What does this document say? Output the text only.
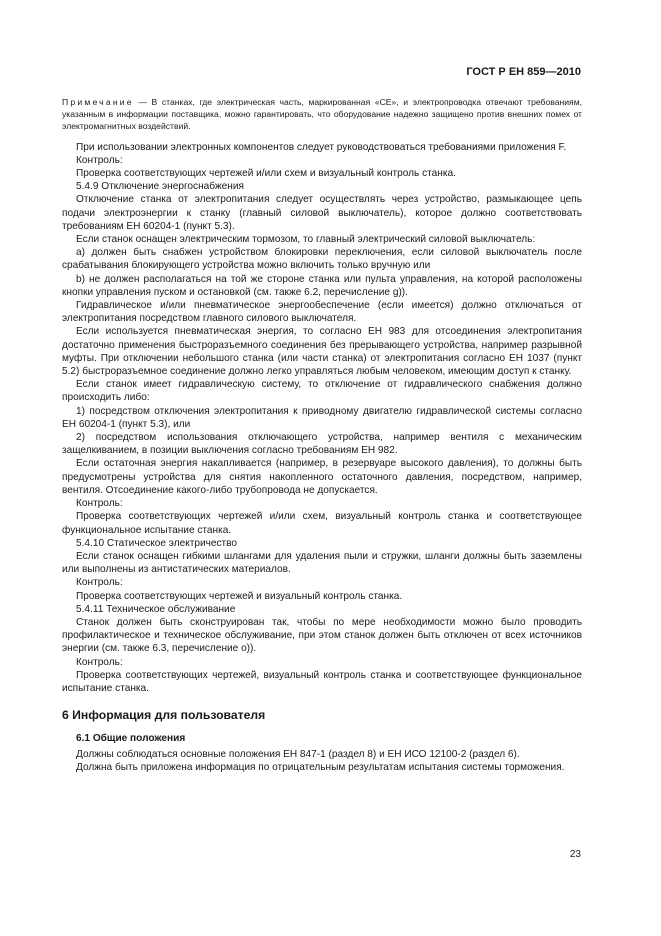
ГОСТ Р ЕН 859—2010
Примечание — В станках, где электрическая часть, маркированная «СЕ», и электропроводка отвечают требованиям, указанным в информации поставщика, можно гарантировать, что оборудование надежно защищено против внешних помех от электромагнитных воздействий.

При использовании электронных компонентов следует руководствоваться требованиями приложения F.

Контроль:

Проверка соответствующих чертежей и/или схем и визуальный контроль станка.

5.4.9 Отключение энергоснабжения

Отключение станка от электропитания следует осуществлять через устройство, размыкающее цепь подачи электроэнергии к станку (главный силовой выключатель), которое должно соответствовать требованиям ЕН 60204-1 (пункт 5.3).

Если станок оснащен электрическим тормозом, то главный электрический силовой выключатель:

a) должен быть снабжен устройством блокировки переключения, если силовой выключатель после срабатывания блокирующего устройства можно включить только вручную или

b) не должен располагаться на той же стороне станка или пульта управления, на которой расположены кнопки управления пуском и остановкой (см. также 6.2, перечисление g)).

Гидравлическое и/или пневматическое энергообеспечение (если имеется) должно отключаться от электропитания посредством главного силового выключателя.

Если используется пневматическая энергия, то согласно ЕН 983 для отсоединения электропитания достаточно применения быстроразъемного соединения без прерывающего устройства, например разрывной муфты. При отключении небольшого станка (или части станка) от электропитания согласно ЕН 1037 (пункт 5.2) быстроразъемное соединение должно легко управляться любым человеком, имеющим доступ к станку.

Если станок имеет гидравлическую систему, то отключение от гидравлического снабжения должно происходить либо:

1) посредством отключения электропитания к приводному двигателю гидравлической системы согласно ЕН 60204-1 (пункт 5.3), или

2) посредством использования отключающего устройства, например вентиля с механическим защелкиванием, в позиции выключения согласно требованиям ЕН 982.

Если остаточная энергия накапливается (например, в резервуаре высокого давления), то должны быть предусмотрены устройства для снятия накопленного остаточного давления, посредством, например, вентиля. Отсоединение какого-либо трубопровода не допускается.

Контроль:

Проверка соответствующих чертежей и/или схем, визуальный контроль станка и соответствующее функциональное испытание станка.

5.4.10 Статическое электричество

Если станок оснащен гибкими шлангами для удаления пыли и стружки, шланги должны быть заземлены или выполнены из антистатических материалов.

Контроль:

Проверка соответствующих чертежей и визуальный контроль станка.

5.4.11 Техническое обслуживание

Станок должен быть сконструирован так, чтобы по мере необходимости можно было проводить профилактическое и техническое обслуживание, при этом станок должен быть отключен от всех источников энергии (см. также 6.3, перечисление о)).

Контроль:

Проверка соответствующих чертежей, визуальный контроль станка и соответствующее функциональное испытание станка.

6 Информация для пользователя

6.1 Общие положения

Должны соблюдаться основные положения ЕН 847-1 (раздел 8) и ЕН ИСО 12100-2 (раздел 6).

Должна быть приложена информация по отрицательным результатам испытания системы торможения.

23
